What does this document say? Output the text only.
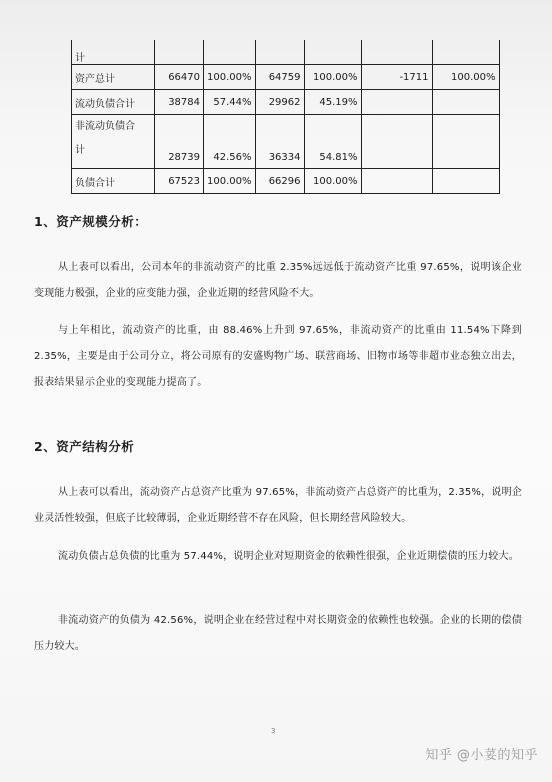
计						
资产总计	66470	100.00%	64759	100.00%	-1711	100.00%
流动负债合计	38784	57.44%	29962	45.19%		

非流动负债合
计	28739	42.56%	36334	54.81%		
负债合计	67523	100.00%	66296	100.00%		
1、资产规模分析：

从上表可以看出，公司本年的非流动资产的比重 2.35%远远低于流动资产比重 97.65%，说明该企业变现能力极强，企业的应变能力强，企业近期的经营风险不大。

与上年相比，流动资产的比重，由 88.46%上升到 97.65%，非流动资产的比重由 11.54%下降到 2.35%，主要是由于公司分立，将公司原有的安盛购物广场、联营商场、旧物市场等非超市业态独立出去，报表结果显示企业的变现能力提高了。

2、资产结构分析

从上表可以看出，流动资产占总资产比重为 97.65%，非流动资产占总资产的比重为，2.35%，说明企业灵活性较强，但底子比较薄弱，企业近期经营不存在风险，但长期经营风险较大。

流动负债占总负债的比重为 57.44%，说明企业对短期资金的依赖性很强，企业近期偿债的压力较大。

非流动资产的负债为 42.56%，说明企业在经营过程中对长期资金的依赖性也较强。企业的长期的偿债压力较大。

3
知乎 @小荽的知乎
